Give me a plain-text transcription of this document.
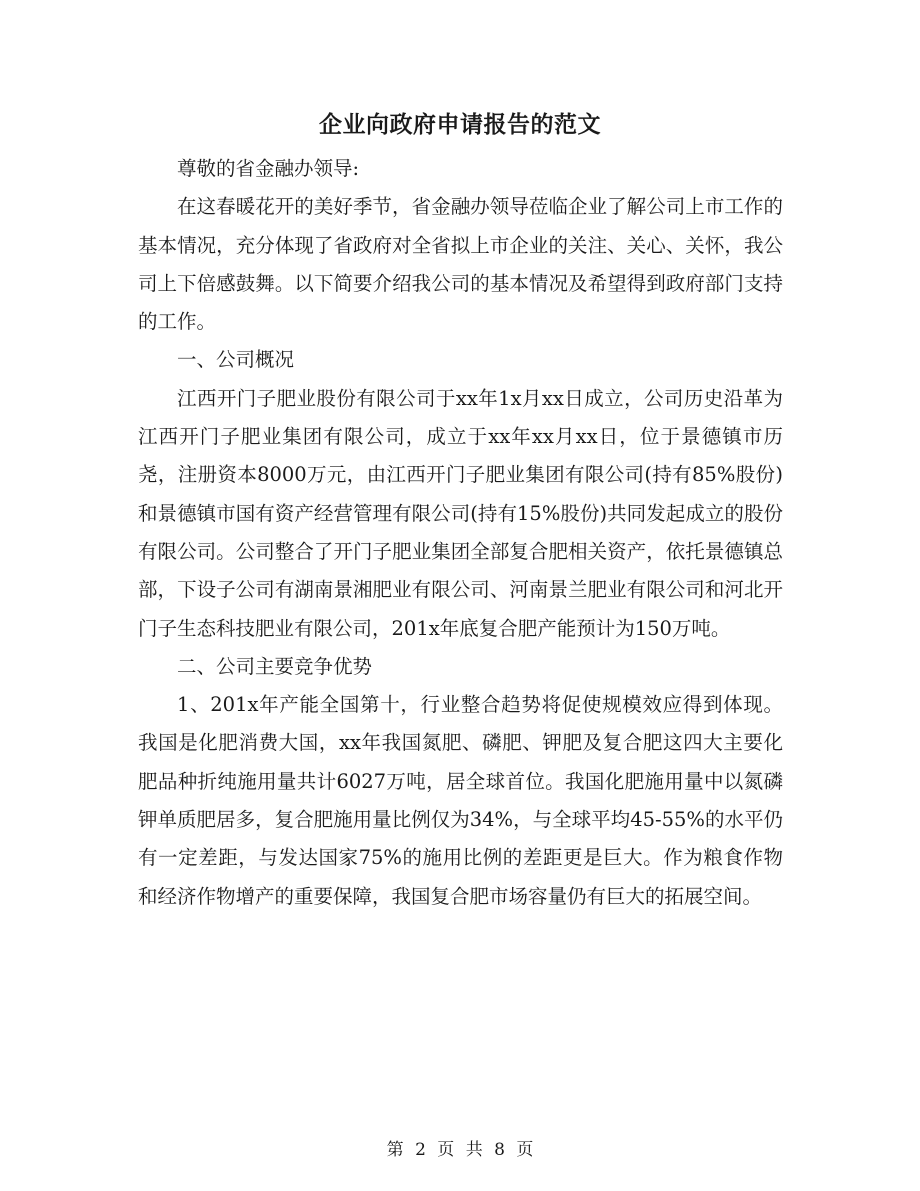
企业向政府申请报告的范文

尊敬的省金融办领导:

在这春暖花开的美好季节，省金融办领导莅临企业了解公司上市工作的基本情况，充分体现了省政府对全省拟上市企业的关注、关心、关怀，我公司上下倍感鼓舞。以下简要介绍我公司的基本情况及希望得到政府部门支持的工作。

一、公司概况

江西开门子肥业股份有限公司于xx年1x月xx日成立，公司历史沿革为江西开门子肥业集团有限公司，成立于xx年xx月xx日，位于景德镇市历尧，注册资本8000万元，由江西开门子肥业集团有限公司(持有85%股份)和景德镇市国有资产经营管理有限公司(持有15%股份)共同发起成立的股份有限公司。公司整合了开门子肥业集团全部复合肥相关资产，依托景德镇总部，下设子公司有湖南景湘肥业有限公司、河南景兰肥业有限公司和河北开门子生态科技肥业有限公司，201x年底复合肥产能预计为150万吨。

二、公司主要竞争优势

1、201x年产能全国第十，行业整合趋势将促使规模效应得到体现。 我国是化肥消费大国，xx年我国氮肥、磷肥、钾肥及复合肥这四大主要化肥品种折纯施用量共计6027万吨，居全球首位。我国化肥施用量中以氮磷钾单质肥居多，复合肥施用量比例仅为34%，与全球平均45-55%的水平仍有一定差距，与发达国家75%的施用比例的差距更是巨大。作为粮食作物和经济作物增产的重要保障，我国复合肥市场容量仍有巨大的拓展空间。

第 2 页 共 8 页
